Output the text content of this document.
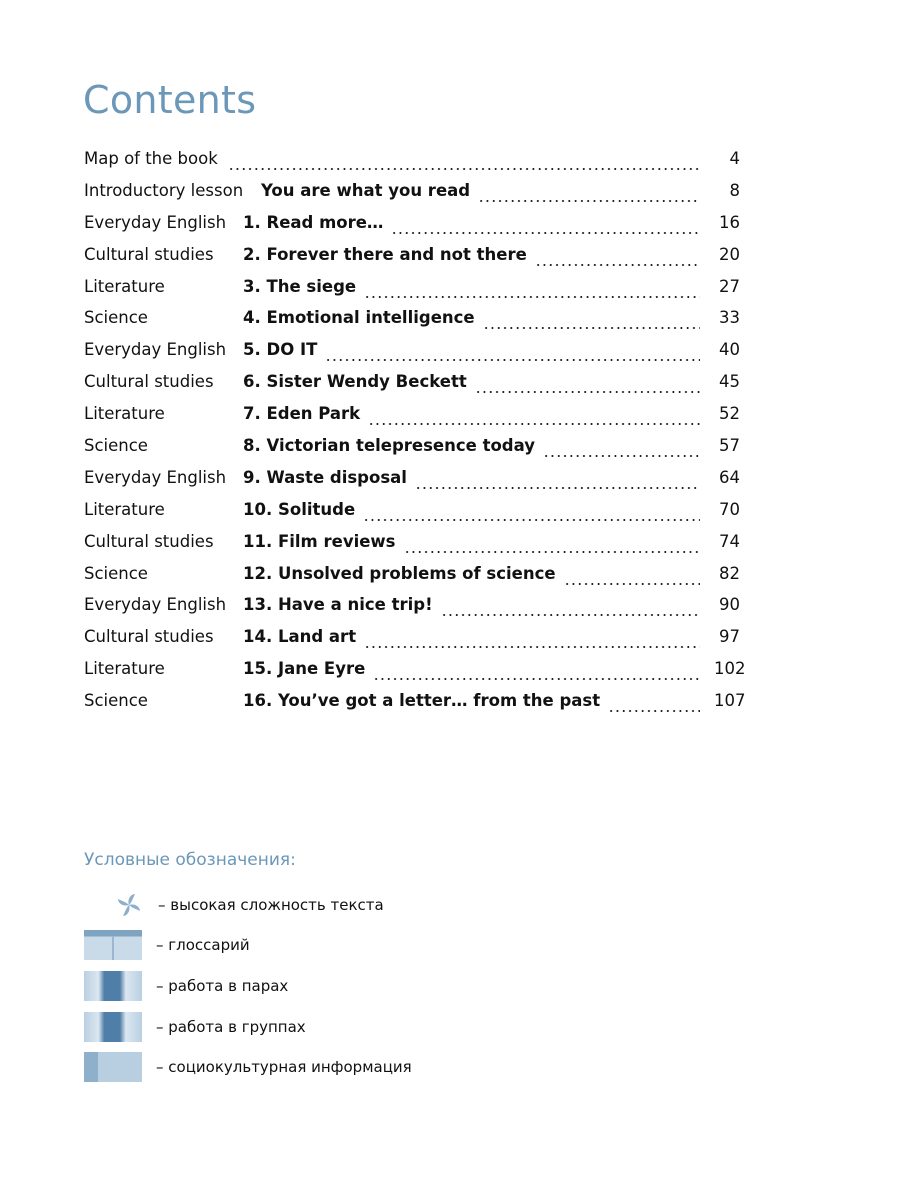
Contents
Map of the book	4
Introductory lesson	You are what you read	8
Everyday English	1. Read more…	16
Cultural studies	2. Forever there and not there	20
Literature	3. The siege	27
Science	4. Emotional intelligence	33
Everyday English	5. DO IT	40
Cultural studies	6. Sister Wendy Beckett	45
Literature	7. Eden Park	52
Science	8. Victorian telepresence today	57
Everyday English	9. Waste disposal	64
Literature	10. Solitude	70
Cultural studies	11. Film reviews	74
Science	12. Unsolved problems of science	82
Everyday English	13. Have a nice trip!	90
Cultural studies	14. Land art	97
Literature	15. Jane Eyre	102
Science	16. You’ve got a letter… from the past	107
Условные обозначения:
– высокая сложность текста
– глоссарий
– работа в парах
– работа в группах
– социокультурная информация
